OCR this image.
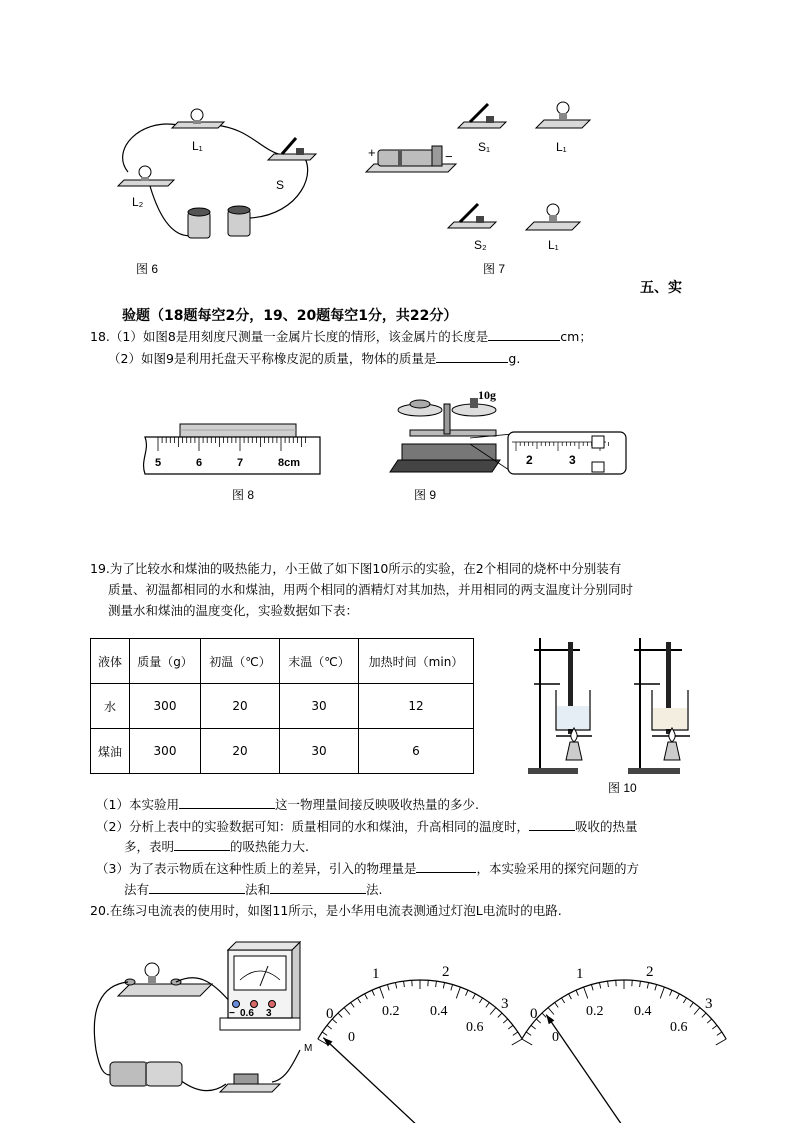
L₁
L₂
S
图 6
+	−
S₁	L₁
S₂	L₁
图 7
五、实
验题（18题每空2分，19、20题每空1分，共22分）
18.（1）如图8是用刻度尺测量一金属片长度的情形，该金属片的长度是	cm；
（2）如图9是利用托盘天平称橡皮泥的质量，物体的质量是	g.
5	6	7	8cm
图 8
10g
2	3
图 9
19.为了比较水和煤油的吸热能力，小王做了如下图10所示的实验，在2个相同的烧杯中分别装有
质量、初温都相同的水和煤油，用两个相同的酒精灯对其加热，并用相同的两支温度计分别同时
测量水和煤油的温度变化，实验数据如下表：
液体	质量（g）	初温（℃）	末温（℃）	加热时间（min）
水	300	20	30	12
煤油	300	20	30	6
图 10
（1）本实验用	这一物理量间接反映吸收热量的多少.
（2）分析上表中的实验数据可知：质量相同的水和煤油，升高相同的温度时，	吸收的热量
多，表明	的吸热能力大.
（3）为了表示物质在这种性质上的差异，引入的物理量是	，本实验采用的探究问题的方
法有	法和	法.
20.在练习电流表的使用时，如图11所示，是小华用电流表测通过灯泡L电流时的电路.
− 0.6 3
M
0
1	2
3
0
0.2 0.4
0.6
0
1	2
3
0
0.2 0.4
0.6
